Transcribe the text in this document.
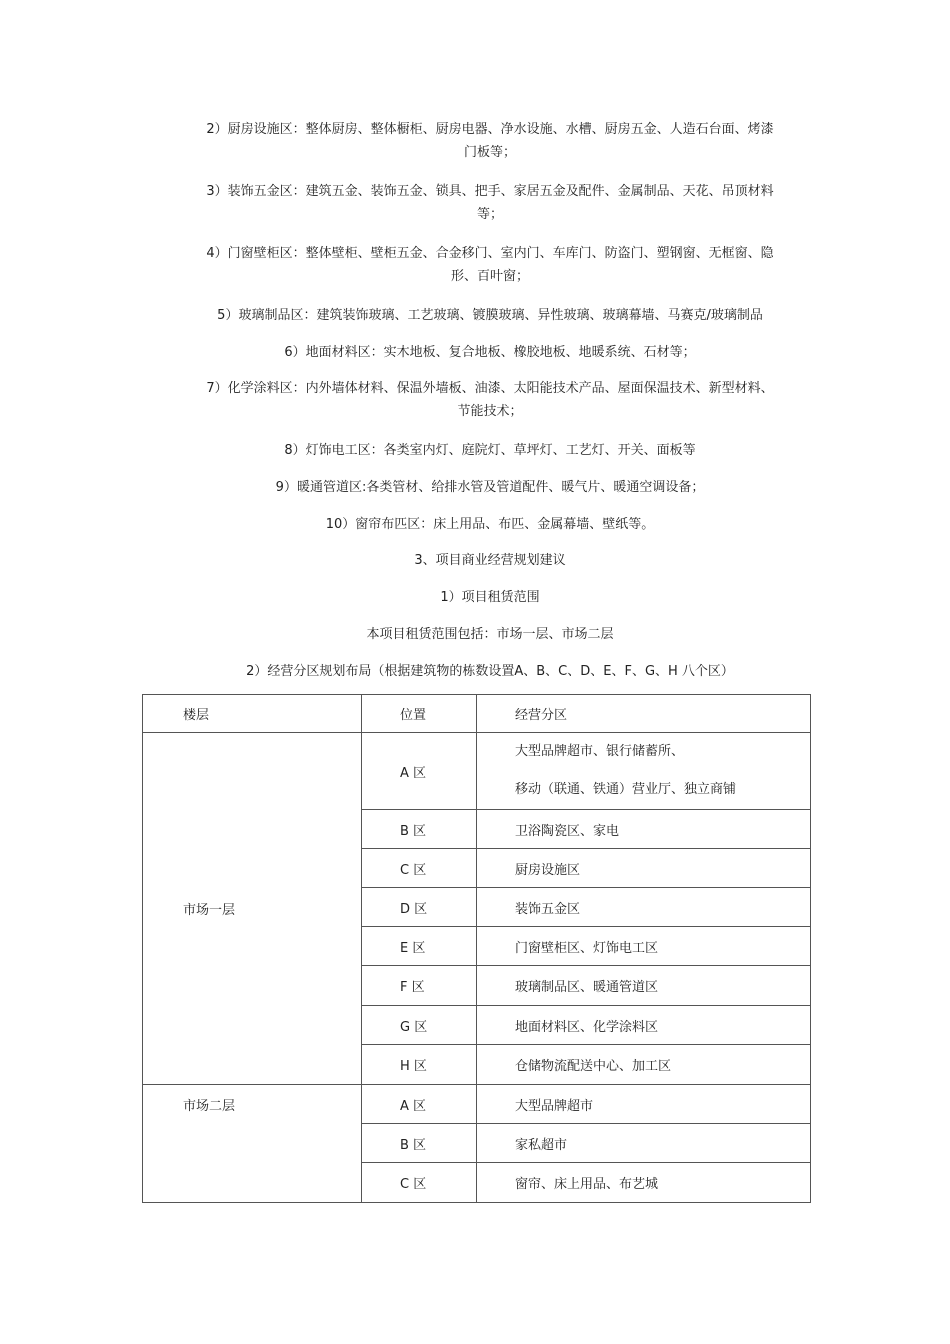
2）厨房设施区：整体厨房、整体橱柜、厨房电器、净水设施、水槽、厨房五金、人造石台面、烤漆
门板等；
3）装饰五金区：建筑五金、装饰五金、锁具、把手、家居五金及配件、金属制品、天花、吊顶材料
等；
4）门窗壁柜区：整体壁柜、壁柜五金、合金移门、室内门、车库门、防盗门、塑钢窗、无框窗、隐
形、百叶窗；
5）玻璃制品区：建筑装饰玻璃、工艺玻璃、镀膜玻璃、异性玻璃、玻璃幕墙、马赛克/玻璃制品
6）地面材料区：实木地板、复合地板、橡胶地板、地暖系统、石材等；
7）化学涂料区：内外墙体材料、保温外墙板、油漆、太阳能技术产品、屋面保温技术、新型材料、
节能技术；
8）灯饰电工区：各类室内灯、庭院灯、草坪灯、工艺灯、开关、面板等
9）暖通管道区:各类管材、给排水管及管道配件、暖气片、暖通空调设备；
10）窗帘布匹区：床上用品、布匹、金属幕墙、壁纸等。
3、项目商业经营规划建议
1）项目租赁范围
本项目租赁范围包括：市场一层、市场二层
2）经营分区规划布局（根据建筑物的栋数设置A、B、C、D、E、F、G、H 八个区）
楼层	位置	经营分区
市场一层	A 区	大型品牌超市、银行储蓄所、
移动（联通、铁通）营业厅、独立商铺

	B 区	卫浴陶瓷区、家电
	C 区	厨房设施区
	D 区	装饰五金区
	E 区	门窗壁柜区、灯饰电工区
	F 区	玻璃制品区、暖通管道区
	G 区	地面材料区、化学涂料区
	H 区	仓储物流配送中心、加工区
市场二层	A 区	大型品牌超市
	B 区	家私超市
	C 区	窗帘、床上用品、布艺城
